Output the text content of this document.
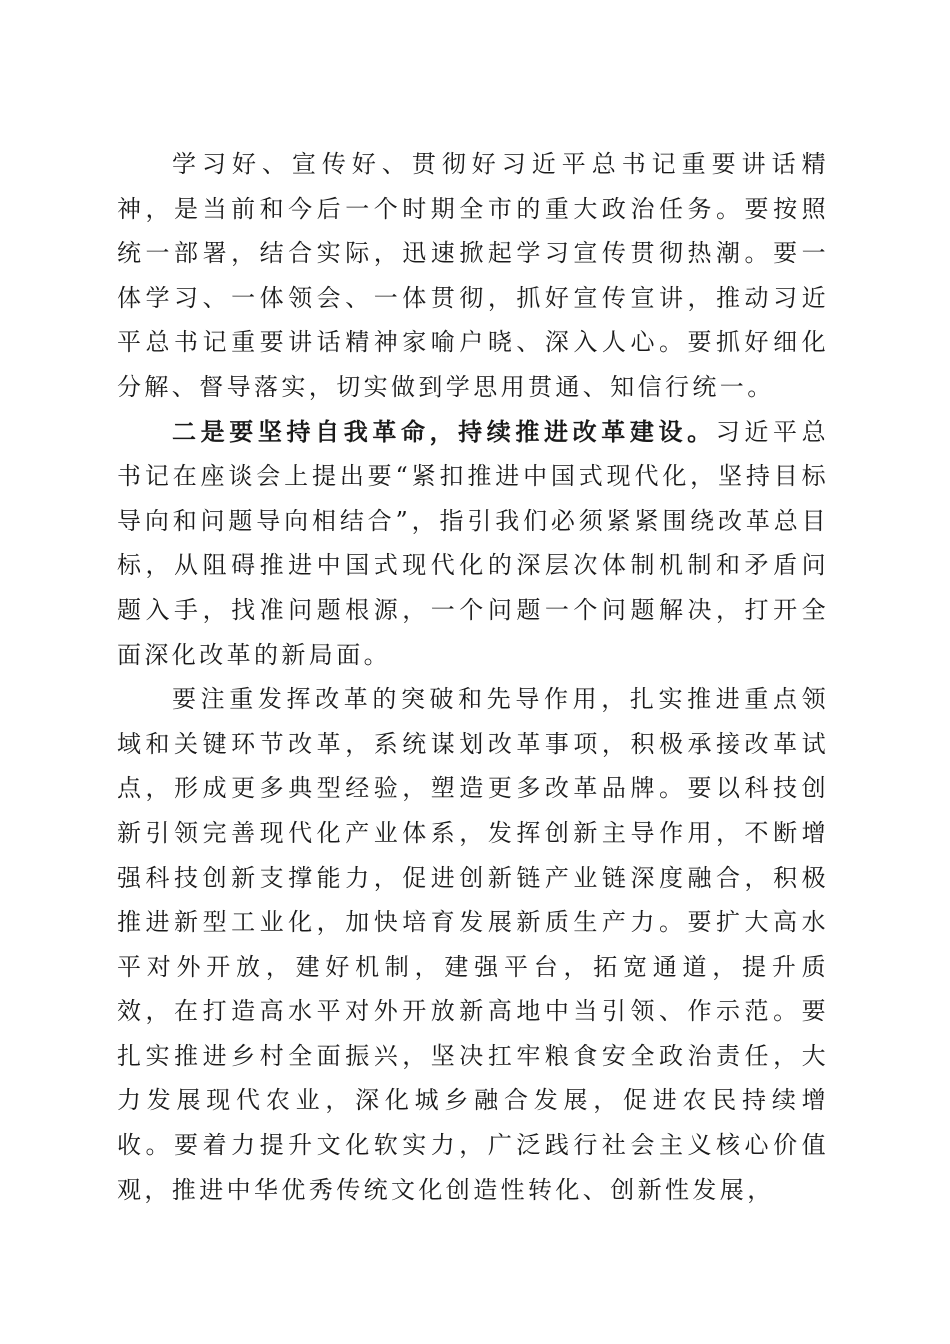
学习好、宣传好、贯彻好习近平总书记重要讲话精神，是当前和今后一个时期全市的重大政治任务。要按照统一部署，结合实际，迅速掀起学习宣传贯彻热潮。要一体学习、一体领会、一体贯彻，抓好宣传宣讲，推动习近平总书记重要讲话精神家喻户晓、深入人心。要抓好细化分解、督导落实，切实做到学思用贯通、知信行统一。

二是要坚持自我革命，持续推进改革建设。习近平总书记在座谈会上提出要“紧扣推进中国式现代化，坚持目标导向和问题导向相结合”，指引我们必须紧紧围绕改革总目标，从阻碍推进中国式现代化的深层次体制机制和矛盾问题入手，找准问题根源，一个问题一个问题解决，打开全面深化改革的新局面。

要注重发挥改革的突破和先导作用，扎实推进重点领域和关键环节改革，系统谋划改革事项，积极承接改革试点，形成更多典型经验，塑造更多改革品牌。要以科技创新引领完善现代化产业体系，发挥创新主导作用，不断增强科技创新支撑能力，促进创新链产业链深度融合，积极推进新型工业化，加快培育发展新质生产力。要扩大高水平对外开放，建好机制，建强平台，拓宽通道，提升质效，在打造高水平对外开放新高地中当引领、作示范。要扎实推进乡村全面振兴，坚决扛牢粮食安全政治责任，大力发展现代农业，深化城乡融合发展，促进农民持续增收。要着力提升文化软实力，广泛践行社会主义核心价值观，推进中华优秀传统文化创造性转化、创新性发展，
